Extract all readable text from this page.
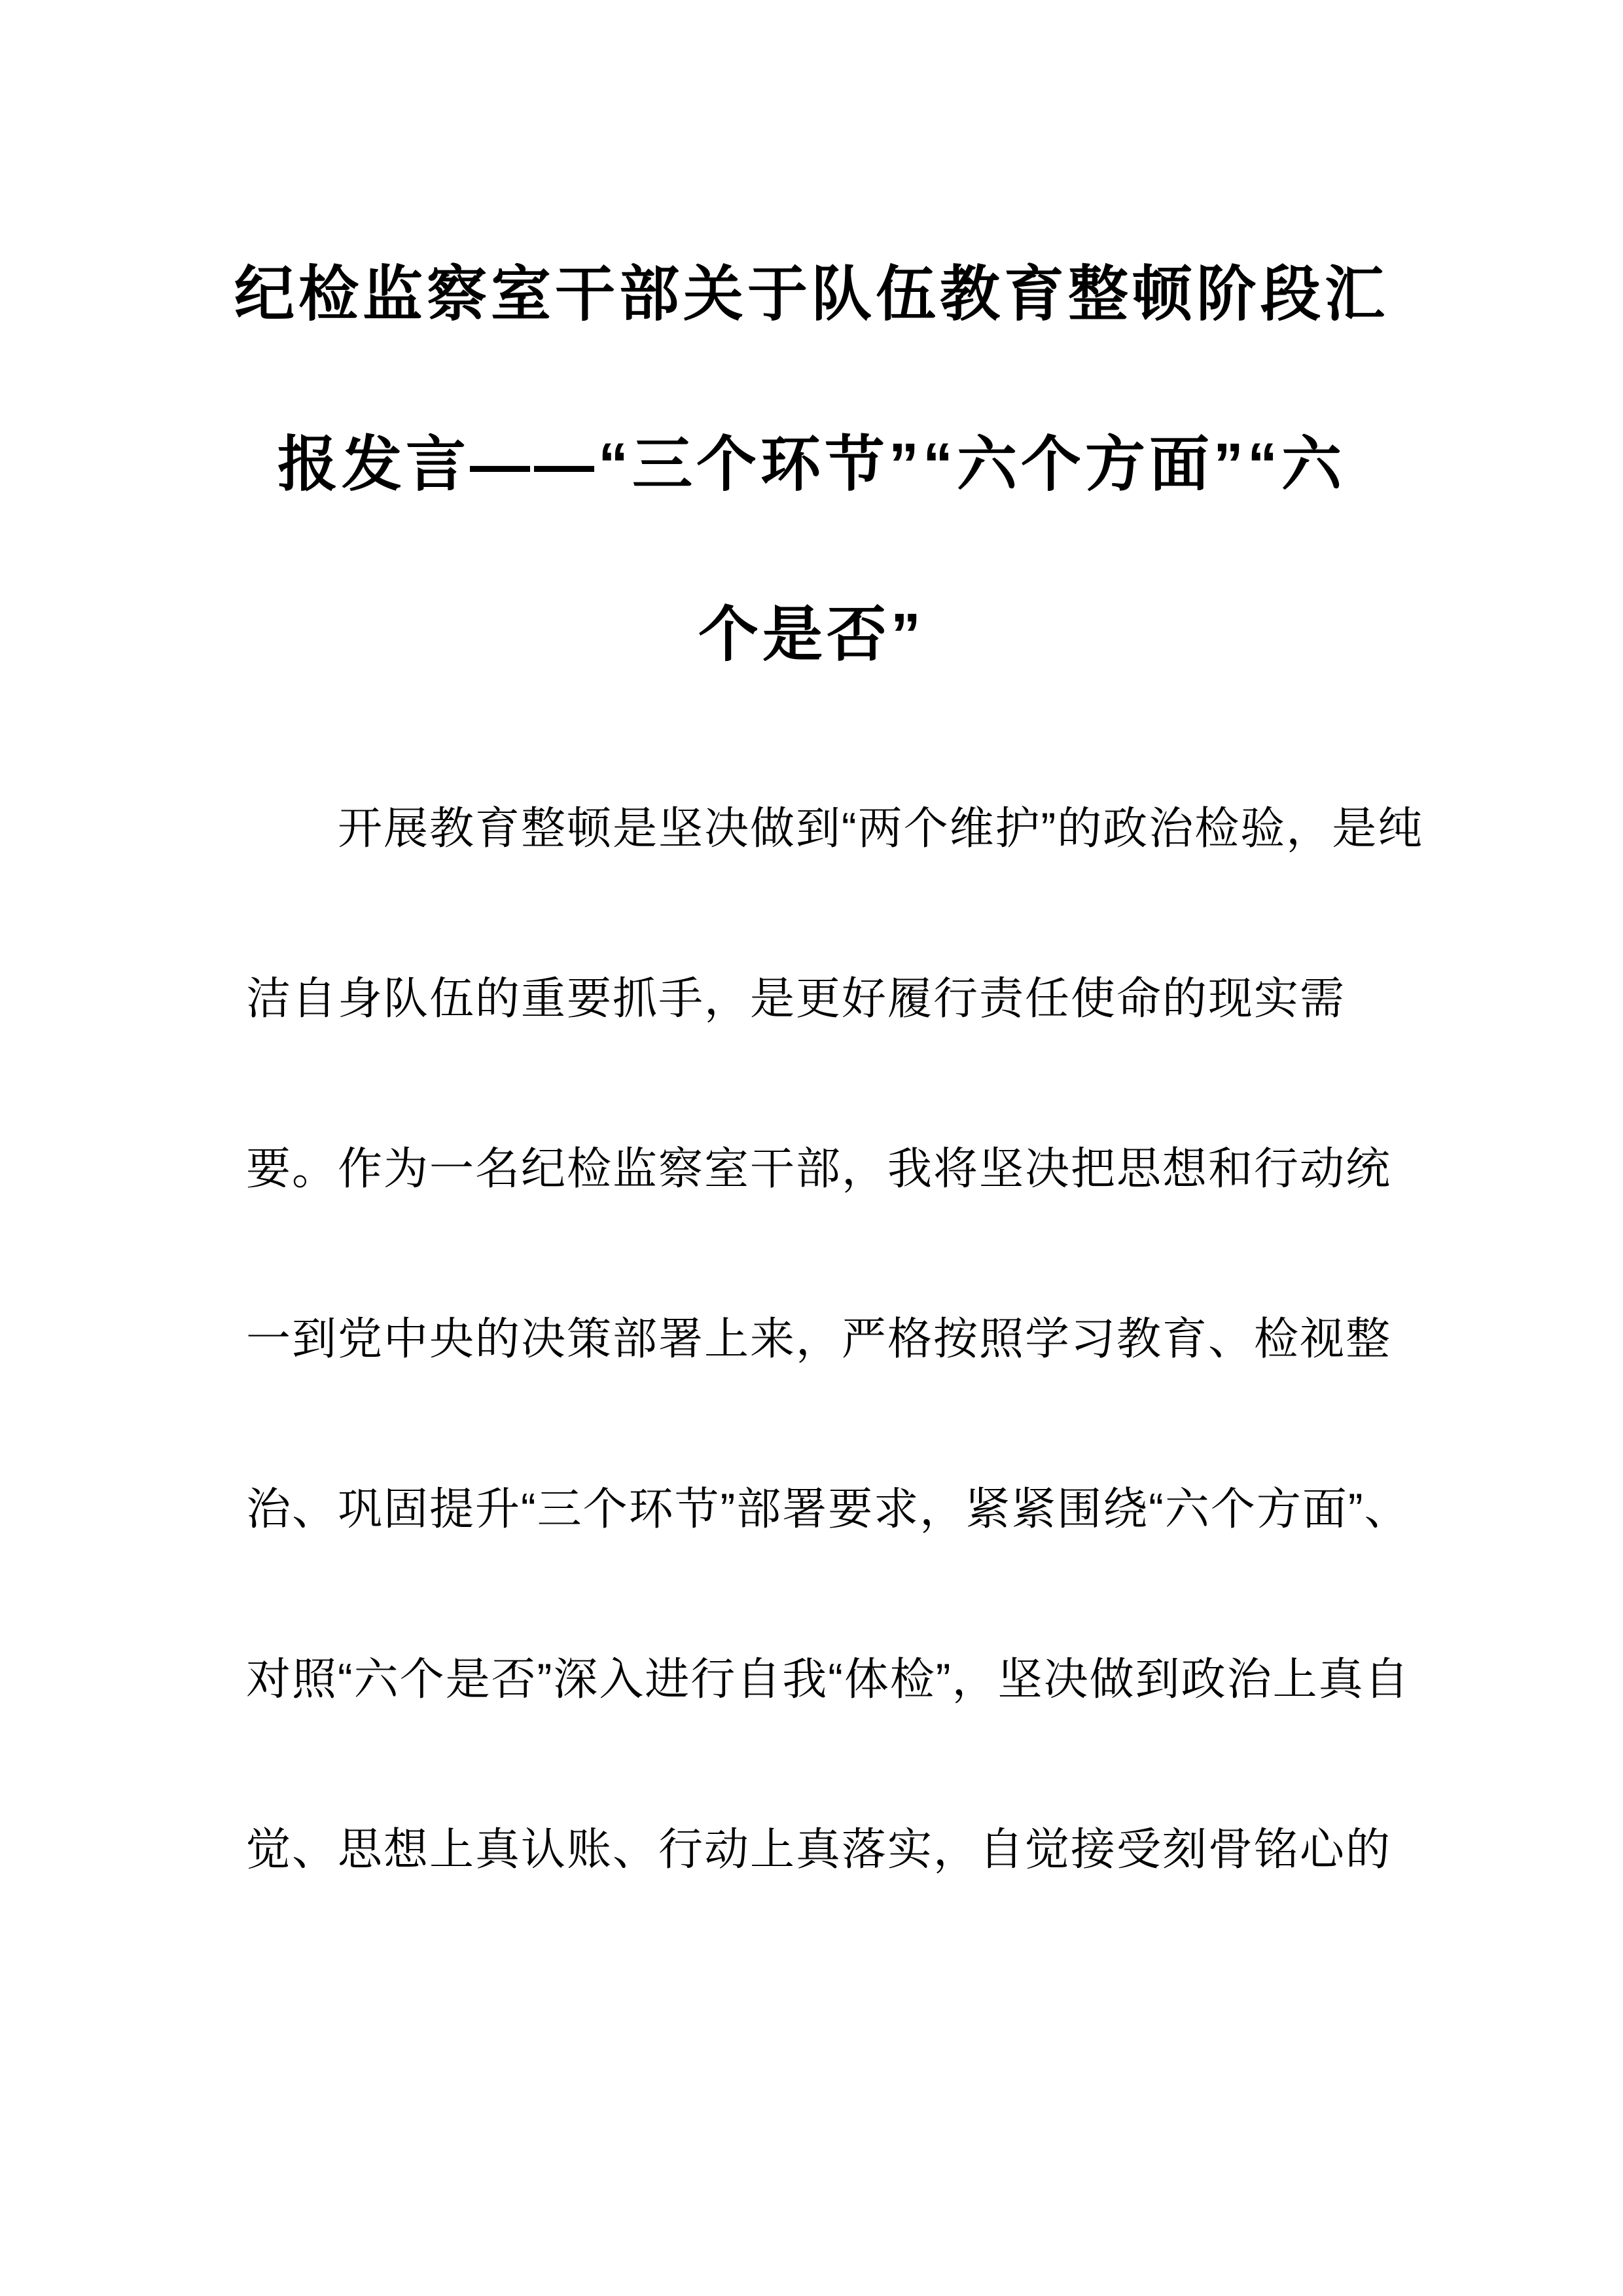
纪检监察室干部关于队伍教育整顿阶段汇
报发言——“三个环节”“六个方面”“六
个是否”
开展教育整顿是坚决做到“两个维护”的政治检验，是纯
洁自身队伍的重要抓手，是更好履行责任使命的现实需
要。作为一名纪检监察室干部，我将坚决把思想和行动统
一到党中央的决策部署上来，严格按照学习教育、检视整
治、巩固提升“三个环节”部署要求，紧紧围绕“六个方面”、
对照“六个是否”深入进行自我“体检”，坚决做到政治上真自
觉、思想上真认账、行动上真落实，自觉接受刻骨铭心的
